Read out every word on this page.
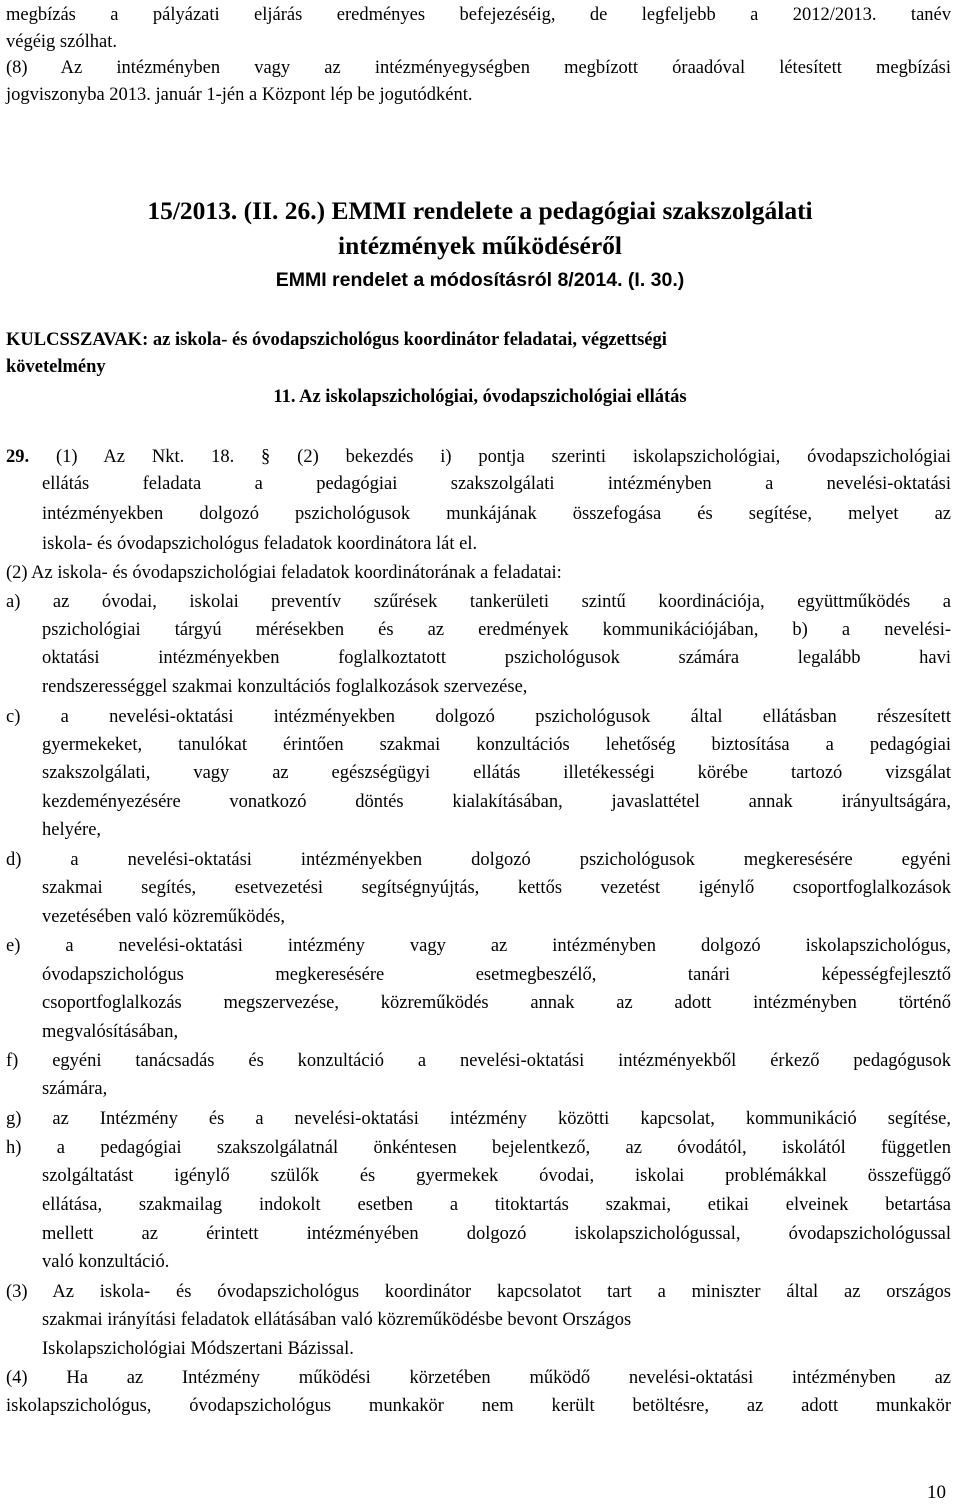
megbízás a pályázati eljárás eredményes befejezéséig, de legfeljebb a 2012/2013. tanév
végéig szólhat.
(8) Az intézményben vagy az intézményegységben megbízott óraadóval létesített megbízási
jogviszonyba 2013. január 1-jén a Központ lép be jogutódként.
15/2013. (II. 26.) EMMI rendelete a pedagógiai szakszolgálati
intézmények működéséről
EMMI rendelet a módosításról 8/2014. (I. 30.)
KULCSSZAVAK: az iskola- és óvodapszichológus koordinátor feladatai, végzettségi
követelmény
11. Az iskolapszichológiai, óvodapszichológiai ellátás
29. (1) Az Nkt. 18. § (2) bekezdés i) pontja szerinti iskolapszichológiai, óvodapszichológiai
ellátás feladata a pedagógiai szakszolgálati intézményben a nevelési-oktatási
intézményekben dolgozó pszichológusok munkájának összefogása és segítése, melyet az
iskola- és óvodapszichológus feladatok koordinátora lát el.
(2) Az iskola- és óvodapszichológiai feladatok koordinátorának a feladatai:
a) az óvodai, iskolai preventív szűrések tankerületi szintű koordinációja, együttműködés a
pszichológiai tárgyú mérésekben és az eredmények kommunikációjában, b) a nevelési-
oktatási intézményekben foglalkoztatott pszichológusok számára legalább havi
rendszerességgel szakmai konzultációs foglalkozások szervezése,
c) a nevelési-oktatási intézményekben dolgozó pszichológusok által ellátásban részesített
gyermekeket, tanulókat érintően szakmai konzultációs lehetőség biztosítása a pedagógiai
szakszolgálati, vagy az egészségügyi ellátás illetékességi körébe tartozó vizsgálat
kezdeményezésére vonatkozó döntés kialakításában, javaslattétel annak irányultságára,
helyére,
d) a nevelési-oktatási intézményekben dolgozó pszichológusok megkeresésére egyéni
szakmai segítés, esetvezetési segítségnyújtás, kettős vezetést igénylő csoportfoglalkozások
vezetésében való közreműködés,
e) a nevelési-oktatási intézmény vagy az intézményben dolgozó iskolapszichológus,
óvodapszichológus megkeresésére esetmegbeszélő, tanári képességfejlesztő
csoportfoglalkozás megszervezése, közreműködés annak az adott intézményben történő
megvalósításában,
f) egyéni tanácsadás és konzultáció a nevelési-oktatási intézményekből érkező pedagógusok
számára,
g) az Intézmény és a nevelési-oktatási intézmény közötti kapcsolat, kommunikáció segítése,
h) a pedagógiai szakszolgálatnál önkéntesen bejelentkező, az óvodától, iskolától független
szolgáltatást igénylő szülők és gyermekek óvodai, iskolai problémákkal összefüggő
ellátása, szakmailag indokolt esetben a titoktartás szakmai, etikai elveinek betartása
mellett az érintett intézményében dolgozó iskolapszichológussal, óvodapszichológussal
való konzultáció.
(3) Az iskola- és óvodapszichológus koordinátor kapcsolatot tart a miniszter által az országos
szakmai irányítási feladatok ellátásában való közreműködésbe bevont Országos
Iskolapszichológiai Módszertani Bázissal.
(4) Ha az Intézmény működési körzetében működő nevelési-oktatási intézményben az
iskolapszichológus, óvodapszichológus munkakör nem került betöltésre, az adott munkakör
10
